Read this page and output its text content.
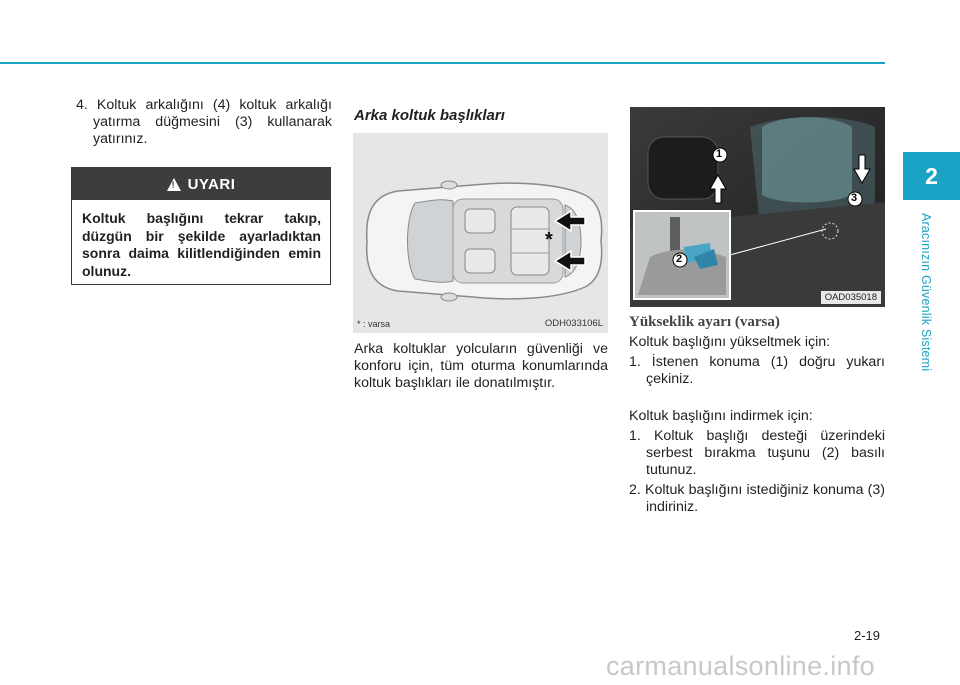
2
Aracınızın Güvenlik Sistemi
4. Koltuk arkalığını (4) koltuk arkalığı yatırma düğmesini (3) kullanarak yatırınız.
!
UYARI
Koltuk başlığını tekrar takıp, düzgün bir şekilde ayarladıktan sonra daima kilitlendiğinden emin olunuz.
Arka koltuk başlıkları
*
* : varsa	ODH033106L
Arka koltuklar yolcuların güvenliği ve konforu için, tüm oturma konumlarında koltuk başlıkları ile donatılmıştır.
1
2
3
OAD035018
Yükseklik ayarı (varsa)
Koltuk başlığını yükseltmek için:
1. İstenen konuma (1) doğru yukarı çekiniz.
Koltuk başlığını indirmek için:
1. Koltuk başlığı desteği üzerindeki serbest bırakma tuşunu (2) basılı tutunuz.
2. Koltuk başlığını istediğiniz konuma (3) indiriniz.
2-19
carmanualsonline.info
